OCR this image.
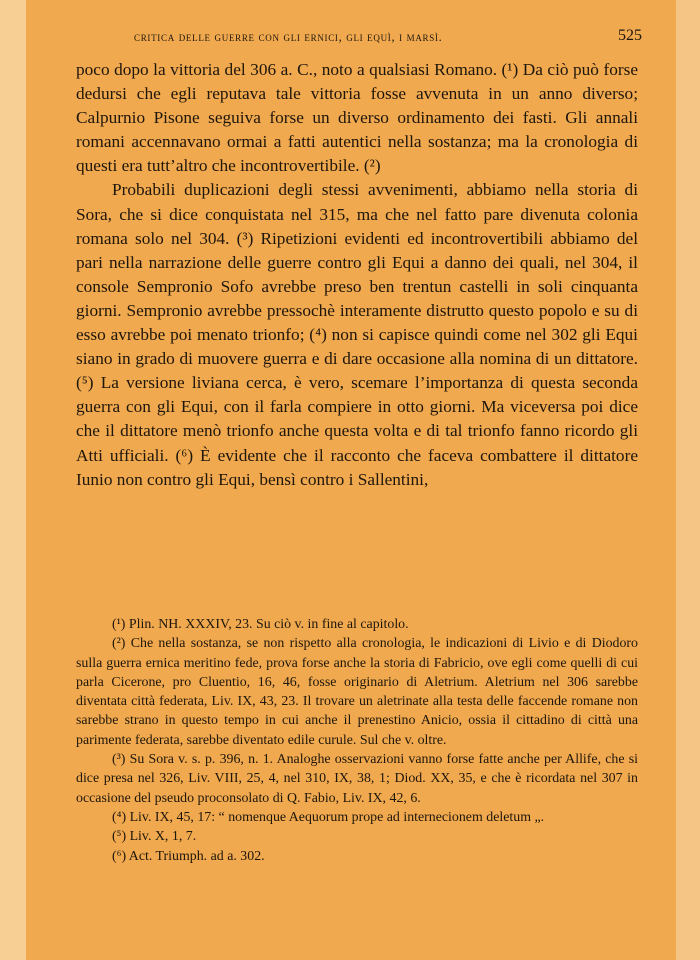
critica delle guerre con gli ernici, gli equì, i marsì.	525

poco dopo la vittoria del 306 a. C., noto a qualsiasi Romano. (¹) Da ciò può forse dedursi che egli reputava tale vittoria fosse avvenuta in un anno diverso; Calpurnio Pisone seguiva forse un diverso ordinamento dei fasti. Gli annali romani accennavano ormai a fatti autentici nella sostanza; ma la cronologia di questi era tutt’altro che incontrovertibile. (²)

Probabili duplicazioni degli stessi avvenimenti, abbiamo nella storia di Sora, che si dice conquistata nel 315, ma che nel fatto pare divenuta colonia romana solo nel 304. (³) Ripetizioni evidenti ed incontrovertibili abbiamo del pari nella narrazione delle guerre contro gli Equi a danno dei quali, nel 304, il console Sempronio Sofo avrebbe preso ben trentun castelli in soli cinquanta giorni. Sempronio avrebbe pressochè interamente distrutto questo popolo e su di esso avrebbe poi menato trionfo; (⁴) non si capisce quindi come nel 302 gli Equi siano in grado di muovere guerra e di dare occasione alla nomina di un dittatore. (⁵) La versione liviana cerca, è vero, scemare l’importanza di questa seconda guerra con gli Equi, con il farla compiere in otto giorni. Ma viceversa poi dice che il dittatore menò trionfo anche questa volta e di tal trionfo fanno ricordo gli Atti ufficiali. (⁶) È evidente che il racconto che faceva combattere il dittatore Iunio non contro gli Equi, bensì contro i Sallentini,

(¹) Plin. NH. XXXIV, 23. Su ciò v. in fine al capitolo.

(²) Che nella sostanza, se non rispetto alla cronologia, le indicazioni di Livio e di Diodoro sulla guerra ernica meritino fede, prova forse anche la storia di Fabricio, ove egli come quelli di cui parla Cicerone, pro Cluentio, 16, 46, fosse originario di Aletrium. Aletrium nel 306 sarebbe diventata città federata, Liv. IX, 43, 23. Il trovare un aletrinate alla testa delle faccende romane non sarebbe strano in questo tempo in cui anche il prenestino Anicio, ossia il cittadino di città una parimente federata, sarebbe diventato edile curule. Sul che v. oltre.

(³) Su Sora v. s. p. 396, n. 1. Analoghe osservazioni vanno forse fatte anche per Allife, che si dice presa nel 326, Liv. VIII, 25, 4, nel 310, IX, 38, 1; Diod. XX, 35, e che è ricordata nel 307 in occasione del pseudo proconsolato di Q. Fabio, Liv. IX, 42, 6.

(⁴) Liv. IX, 45, 17: “ nomenque Aequorum prope ad internecionem deletum „.

(⁵) Liv. X, 1, 7.

(⁶) Act. Triumph. ad a. 302.
